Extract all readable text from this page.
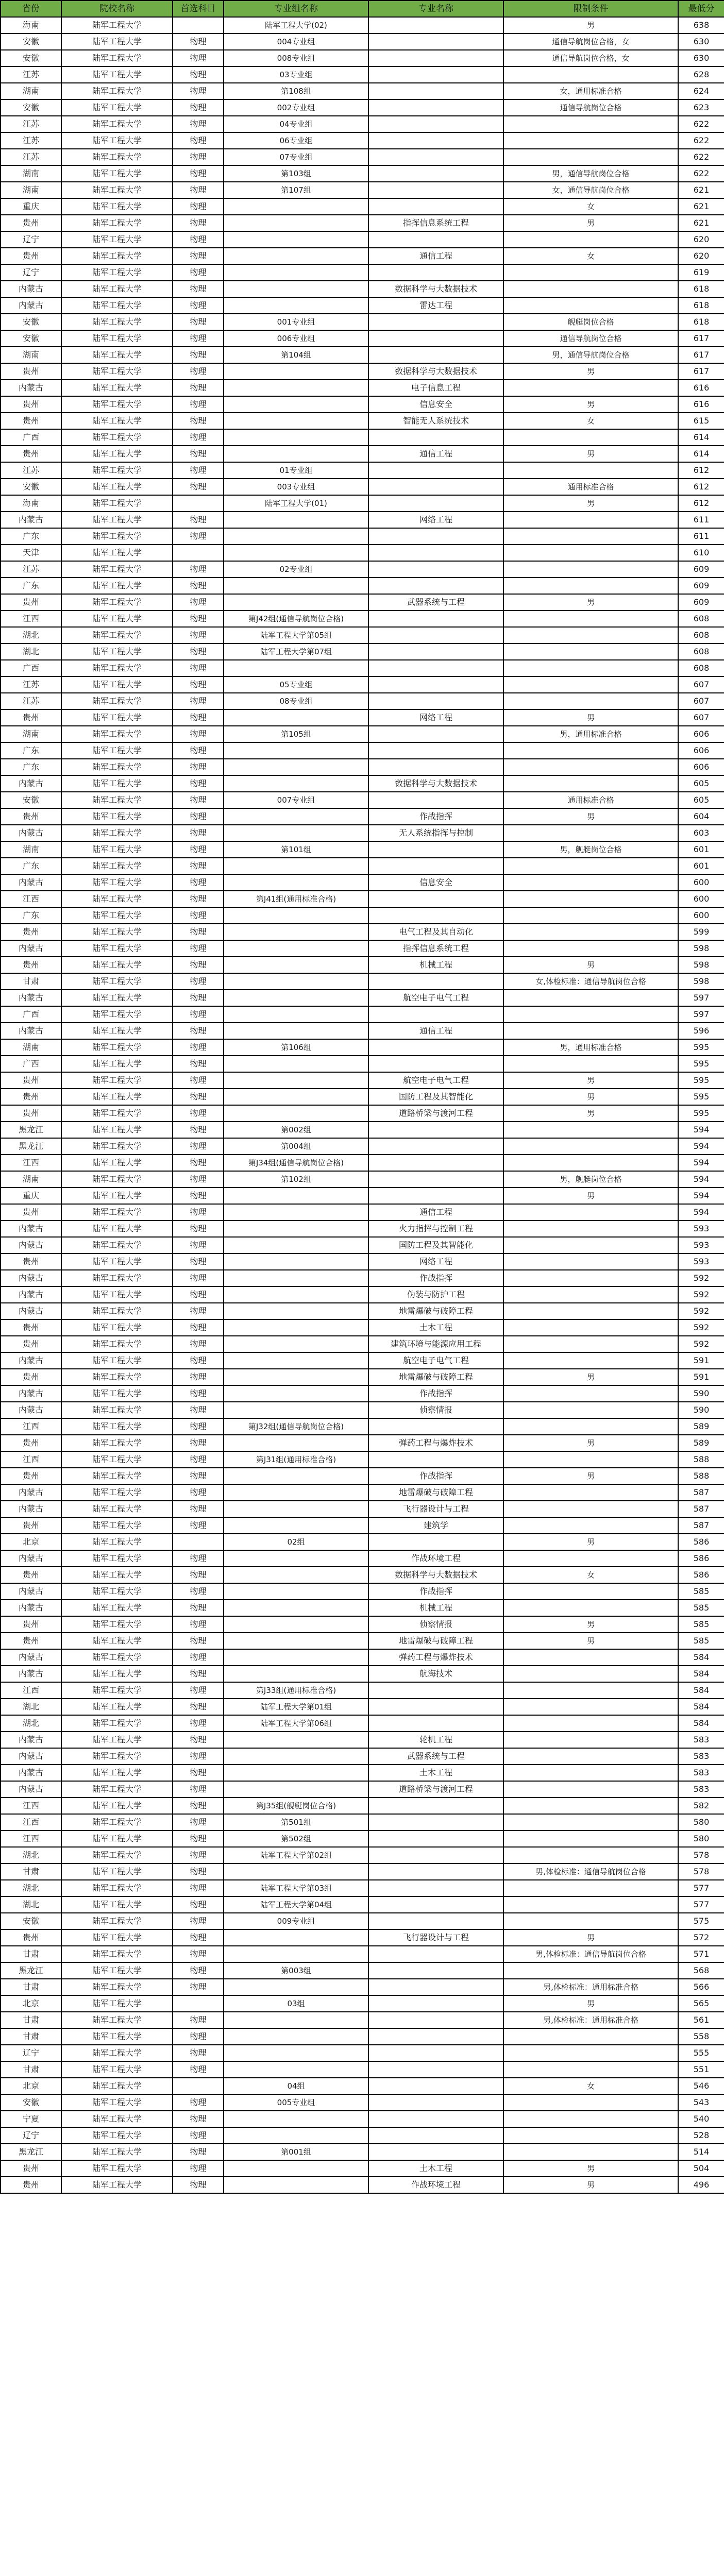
省份	院校名称	首选科目	专业组名称	专业名称	限制条件	最低分
海南	陆军工程大学		陆军工程大学(02)		男	638
安徽	陆军工程大学	物理	004专业组		通信导航岗位合格，女	630
安徽	陆军工程大学	物理	008专业组		通信导航岗位合格，女	630
江苏	陆军工程大学	物理	03专业组			628
湖南	陆军工程大学	物理	第108组		女，通用标准合格	624
安徽	陆军工程大学	物理	002专业组		通信导航岗位合格	623
江苏	陆军工程大学	物理	04专业组			622
江苏	陆军工程大学	物理	06专业组			622
江苏	陆军工程大学	物理	07专业组			622
湖南	陆军工程大学	物理	第103组		男，通信导航岗位合格	622
湖南	陆军工程大学	物理	第107组		女，通信导航岗位合格	621
重庆	陆军工程大学	物理			女	621
贵州	陆军工程大学	物理		指挥信息系统工程	男	621
辽宁	陆军工程大学	物理				620
贵州	陆军工程大学	物理		通信工程	女	620
辽宁	陆军工程大学	物理				619
内蒙古	陆军工程大学	物理		数据科学与大数据技术		618
内蒙古	陆军工程大学	物理		雷达工程		618
安徽	陆军工程大学	物理	001专业组		舰艇岗位合格	618
安徽	陆军工程大学	物理	006专业组		通信导航岗位合格	617
湖南	陆军工程大学	物理	第104组		男，通信导航岗位合格	617
贵州	陆军工程大学	物理		数据科学与大数据技术	男	617
内蒙古	陆军工程大学	物理		电子信息工程		616
贵州	陆军工程大学	物理		信息安全	男	616
贵州	陆军工程大学	物理		智能无人系统技术	女	615
广西	陆军工程大学	物理				614
贵州	陆军工程大学	物理		通信工程	男	614
江苏	陆军工程大学	物理	01专业组			612
安徽	陆军工程大学	物理	003专业组		通用标准合格	612
海南	陆军工程大学		陆军工程大学(01)		男	612
内蒙古	陆军工程大学	物理		网络工程		611
广东	陆军工程大学	物理				611
天津	陆军工程大学					610
江苏	陆军工程大学	物理	02专业组			609
广东	陆军工程大学	物理				609
贵州	陆军工程大学	物理		武器系统与工程	男	609
江西	陆军工程大学	物理	第J42组(通信导航岗位合格)			608
湖北	陆军工程大学	物理	陆军工程大学第05组			608
湖北	陆军工程大学	物理	陆军工程大学第07组			608
广西	陆军工程大学	物理				608
江苏	陆军工程大学	物理	05专业组			607
江苏	陆军工程大学	物理	08专业组			607
贵州	陆军工程大学	物理		网络工程	男	607
湖南	陆军工程大学	物理	第105组		男，通用标准合格	606
广东	陆军工程大学	物理				606
广东	陆军工程大学	物理				606
内蒙古	陆军工程大学	物理		数据科学与大数据技术		605
安徽	陆军工程大学	物理	007专业组		通用标准合格	605
贵州	陆军工程大学	物理		作战指挥	男	604
内蒙古	陆军工程大学	物理		无人系统指挥与控制		603
湖南	陆军工程大学	物理	第101组		男，舰艇岗位合格	601
广东	陆军工程大学	物理				601
内蒙古	陆军工程大学	物理		信息安全		600
江西	陆军工程大学	物理	第J41组(通用标准合格)			600
广东	陆军工程大学	物理				600
贵州	陆军工程大学	物理		电气工程及其自动化		599
内蒙古	陆军工程大学	物理		指挥信息系统工程		598
贵州	陆军工程大学	物理		机械工程	男	598
甘肃	陆军工程大学	物理			女,体检标准：通信导航岗位合格	598
内蒙古	陆军工程大学	物理		航空电子电气工程		597
广西	陆军工程大学	物理				597
内蒙古	陆军工程大学	物理		通信工程		596
湖南	陆军工程大学	物理	第106组		男，通用标准合格	595
广西	陆军工程大学	物理				595
贵州	陆军工程大学	物理		航空电子电气工程	男	595
贵州	陆军工程大学	物理		国防工程及其智能化	男	595
贵州	陆军工程大学	物理		道路桥梁与渡河工程	男	595
黑龙江	陆军工程大学	物理	第002组			594
黑龙江	陆军工程大学	物理	第004组			594
江西	陆军工程大学	物理	第J34组(通信导航岗位合格)			594
湖南	陆军工程大学	物理	第102组		男，舰艇岗位合格	594
重庆	陆军工程大学	物理			男	594
贵州	陆军工程大学	物理		通信工程		594
内蒙古	陆军工程大学	物理		火力指挥与控制工程		593
内蒙古	陆军工程大学	物理		国防工程及其智能化		593
贵州	陆军工程大学	物理		网络工程		593
内蒙古	陆军工程大学	物理		作战指挥		592
内蒙古	陆军工程大学	物理		伪装与防护工程		592
内蒙古	陆军工程大学	物理		地雷爆破与破障工程		592
贵州	陆军工程大学	物理		土木工程		592
贵州	陆军工程大学	物理		建筑环境与能源应用工程		592
内蒙古	陆军工程大学	物理		航空电子电气工程		591
贵州	陆军工程大学	物理		地雷爆破与破障工程	男	591
内蒙古	陆军工程大学	物理		作战指挥		590
内蒙古	陆军工程大学	物理		侦察情报		590
江西	陆军工程大学	物理	第J32组(通信导航岗位合格)			589
贵州	陆军工程大学	物理		弹药工程与爆炸技术	男	589
江西	陆军工程大学	物理	第J31组(通用标准合格)			588
贵州	陆军工程大学	物理		作战指挥	男	588
内蒙古	陆军工程大学	物理		地雷爆破与破障工程		587
内蒙古	陆军工程大学	物理		飞行器设计与工程		587
贵州	陆军工程大学	物理		建筑学		587
北京	陆军工程大学		02组		男	586
内蒙古	陆军工程大学	物理		作战环境工程		586
贵州	陆军工程大学	物理		数据科学与大数据技术	女	586
内蒙古	陆军工程大学	物理		作战指挥		585
内蒙古	陆军工程大学	物理		机械工程		585
贵州	陆军工程大学	物理		侦察情报	男	585
贵州	陆军工程大学	物理		地雷爆破与破障工程	男	585
内蒙古	陆军工程大学	物理		弹药工程与爆炸技术		584
内蒙古	陆军工程大学	物理		航海技术		584
江西	陆军工程大学	物理	第J33组(通用标准合格)			584
湖北	陆军工程大学	物理	陆军工程大学第01组			584
湖北	陆军工程大学	物理	陆军工程大学第06组			584
内蒙古	陆军工程大学	物理		轮机工程		583
内蒙古	陆军工程大学	物理		武器系统与工程		583
内蒙古	陆军工程大学	物理		土木工程		583
内蒙古	陆军工程大学	物理		道路桥梁与渡河工程		583
江西	陆军工程大学	物理	第J35组(舰艇岗位合格)			582
江西	陆军工程大学	物理	第501组			580
江西	陆军工程大学	物理	第502组			580
湖北	陆军工程大学	物理	陆军工程大学第02组			578
甘肃	陆军工程大学	物理			男,体检标准：通信导航岗位合格	578
湖北	陆军工程大学	物理	陆军工程大学第03组			577
湖北	陆军工程大学	物理	陆军工程大学第04组			577
安徽	陆军工程大学	物理	009专业组			575
贵州	陆军工程大学	物理		飞行器设计与工程	男	572
甘肃	陆军工程大学	物理			男,体检标准：通信导航岗位合格	571
黑龙江	陆军工程大学	物理	第003组			568
甘肃	陆军工程大学	物理			男,体检标准：通用标准合格	566
北京	陆军工程大学		03组		男	565
甘肃	陆军工程大学	物理			男,体检标准：通用标准合格	561
甘肃	陆军工程大学	物理				558
辽宁	陆军工程大学	物理				555
甘肃	陆军工程大学	物理				551
北京	陆军工程大学		04组		女	546
安徽	陆军工程大学	物理	005专业组			543
宁夏	陆军工程大学	物理				540
辽宁	陆军工程大学	物理				528
黑龙江	陆军工程大学	物理	第001组			514
贵州	陆军工程大学	物理		土木工程	男	504
贵州	陆军工程大学	物理		作战环境工程	男	496
